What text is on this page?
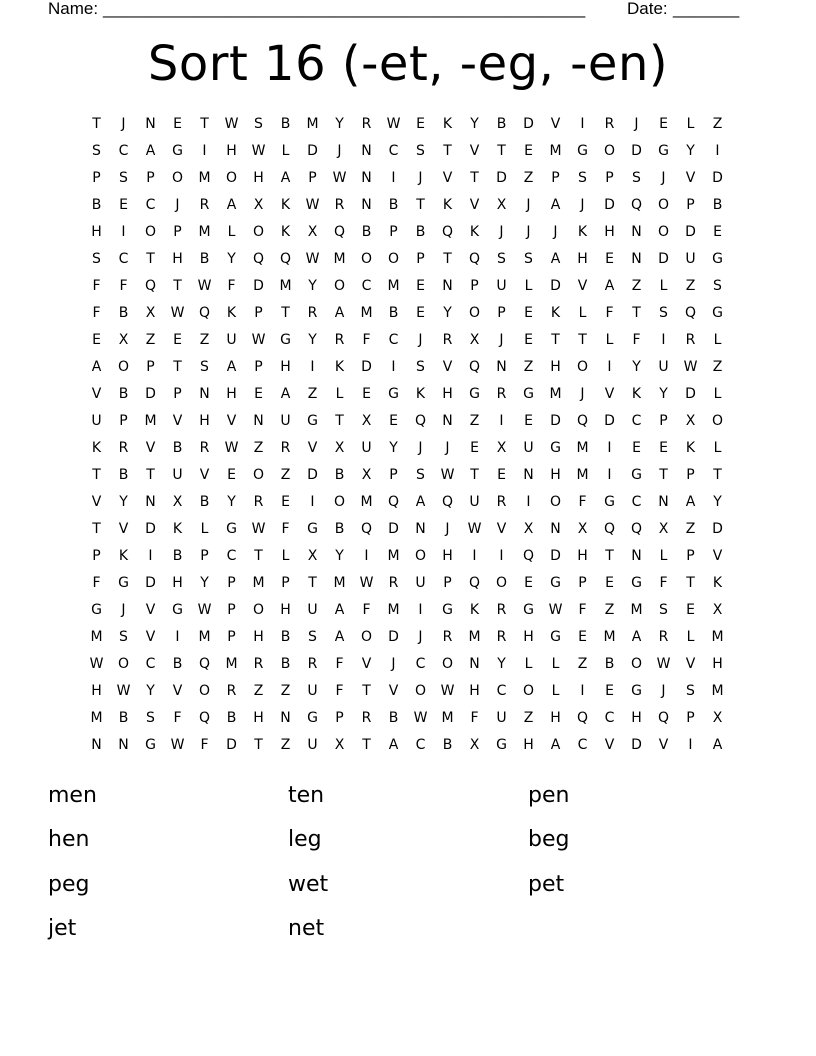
Name: ___________________________________________________ Date: _______
Sort 16 (-et, -eg, -en)
T	J	N	E	T	W	S	B	M	Y	R	W	E	K	Y	B	D	V	I	R	J	E	L	Z
S	C	A	G	I	H	W	L	D	J	N	C	S	T	V	T	E	M	G	O	D	G	Y	I
P	S	P	O	M	O	H	A	P	W	N	I	J	V	T	D	Z	P	S	P	S	J	V	D
B	E	C	J	R	A	X	K	W	R	N	B	T	K	V	X	J	A	J	D	Q	O	P	B
H	I	O	P	M	L	O	K	X	Q	B	P	B	Q	K	J	J	J	K	H	N	O	D	E
S	C	T	H	B	Y	Q	Q	W	M	O	O	P	T	Q	S	S	A	H	E	N	D	U	G
F	F	Q	T	W	F	D	M	Y	O	C	M	E	N	P	U	L	D	V	A	Z	L	Z	S
F	B	X	W	Q	K	P	T	R	A	M	B	E	Y	O	P	E	K	L	F	T	S	Q	G
E	X	Z	E	Z	U	W	G	Y	R	F	C	J	R	X	J	E	T	T	L	F	I	R	L
A	O	P	T	S	A	P	H	I	K	D	I	S	V	Q	N	Z	H	O	I	Y	U	W	Z
V	B	D	P	N	H	E	A	Z	L	E	G	K	H	G	R	G	M	J	V	K	Y	D	L
U	P	M	V	H	V	N	U	G	T	X	E	Q	N	Z	I	E	D	Q	D	C	P	X	O
K	R	V	B	R	W	Z	R	V	X	U	Y	J	J	E	X	U	G	M	I	E	E	K	L
T	B	T	U	V	E	O	Z	D	B	X	P	S	W	T	E	N	H	M	I	G	T	P	T
V	Y	N	X	B	Y	R	E	I	O	M	Q	A	Q	U	R	I	O	F	G	C	N	A	Y
T	V	D	K	L	G	W	F	G	B	Q	D	N	J	W	V	X	N	X	Q	Q	X	Z	D
P	K	I	B	P	C	T	L	X	Y	I	M	O	H	I	I	Q	D	H	T	N	L	P	V
F	G	D	H	Y	P	M	P	T	M	W	R	U	P	Q	O	E	G	P	E	G	F	T	K
G	J	V	G	W	P	O	H	U	A	F	M	I	G	K	R	G	W	F	Z	M	S	E	X
M	S	V	I	M	P	H	B	S	A	O	D	J	R	M	R	H	G	E	M	A	R	L	M
W	O	C	B	Q	M	R	B	R	F	V	J	C	O	N	Y	L	L	Z	B	O	W	V	H
H	W	Y	V	O	R	Z	Z	U	F	T	V	O	W	H	C	O	L	I	E	G	J	S	M
M	B	S	F	Q	B	H	N	G	P	R	B	W	M	F	U	Z	H	Q	C	H	Q	P	X
N	N	G	W	F	D	T	Z	U	X	T	A	C	B	X	G	H	A	C	V	D	V	I	A
men	ten	pen
hen	leg	beg
peg	wet	pet
jet	net
